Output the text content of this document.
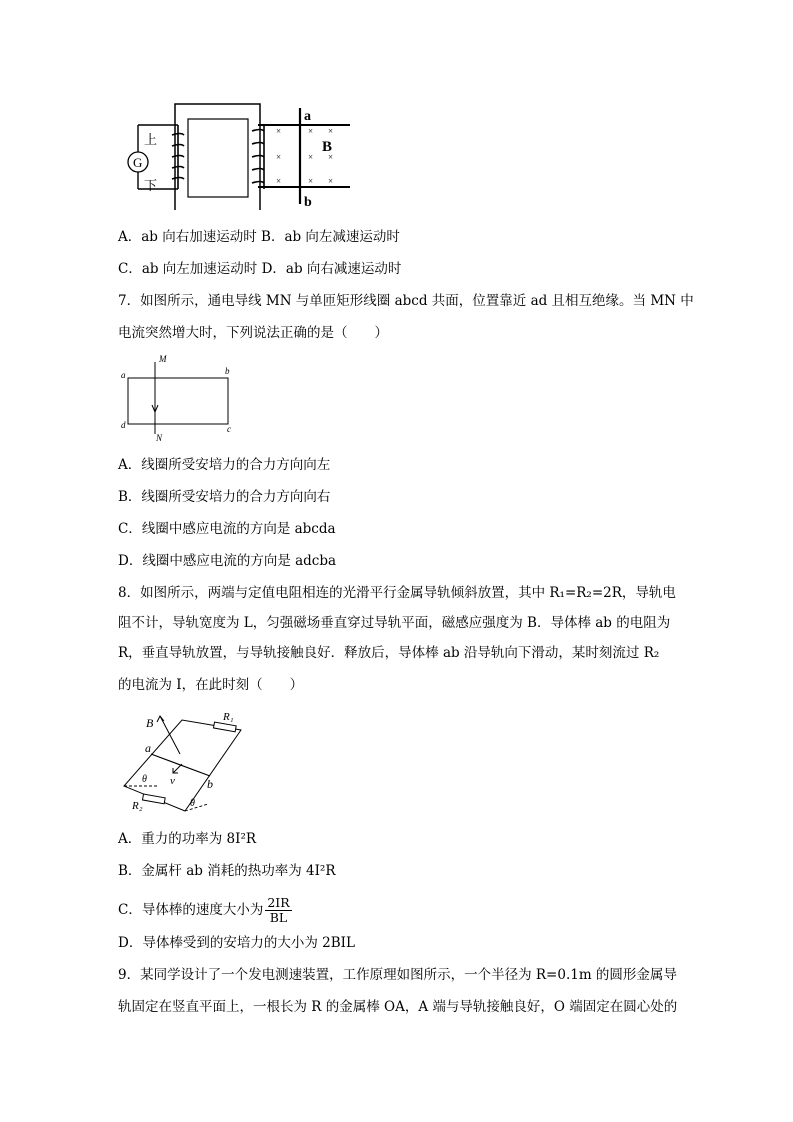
G
上
下
a
b
B
×	×
×	× ×
×	× ×
×
A．ab 向右加速运动时 B．ab 向左减速运动时
C．ab 向左加速运动时 D．ab 向右减速运动时
7．如图所示，通电导线 MN 与单匝矩形线圈 abcd 共面，位置靠近 ad 且相互绝缘。当 MN 中
电流突然增大时，下列说法正确的是（　　）
M
N
a	b
c
d
A．线圈所受安培力的合力方向向左
B．线圈所受安培力的合力方向向右
C．线圈中感应电流的方向是 abcda
D．线圈中感应电流的方向是 adcba
8．如图所示，两端与定值电阻相连的光滑平行金属导轨倾斜放置，其中 R₁=R₂=2R，导轨电
阻不计，导轨宽度为 L，匀强磁场垂直穿过导轨平面，磁感应强度为 B．导体棒 ab 的电阻为
R，垂直导轨放置，与导轨接触良好．释放后，导体棒 ab 沿导轨向下滑动，某时刻流过 R₂
的电流为 I，在此时刻（　　）
B	R₁
R₂
a
b
v
θ
θ
A．重力的功率为 8I²R
B．金属杆 ab 消耗的热功率为 4I²R
C．导体棒的速度大小为 $\frac{2IR}{BL}$
D．导体棒受到的安培力的大小为 2BIL
9．某同学设计了一个发电测速装置，工作原理如图所示，一个半径为 R=0.1m 的圆形金属导
轨固定在竖直平面上，一根长为 R 的金属棒 OA，A 端与导轨接触良好，O 端固定在圆心处的
